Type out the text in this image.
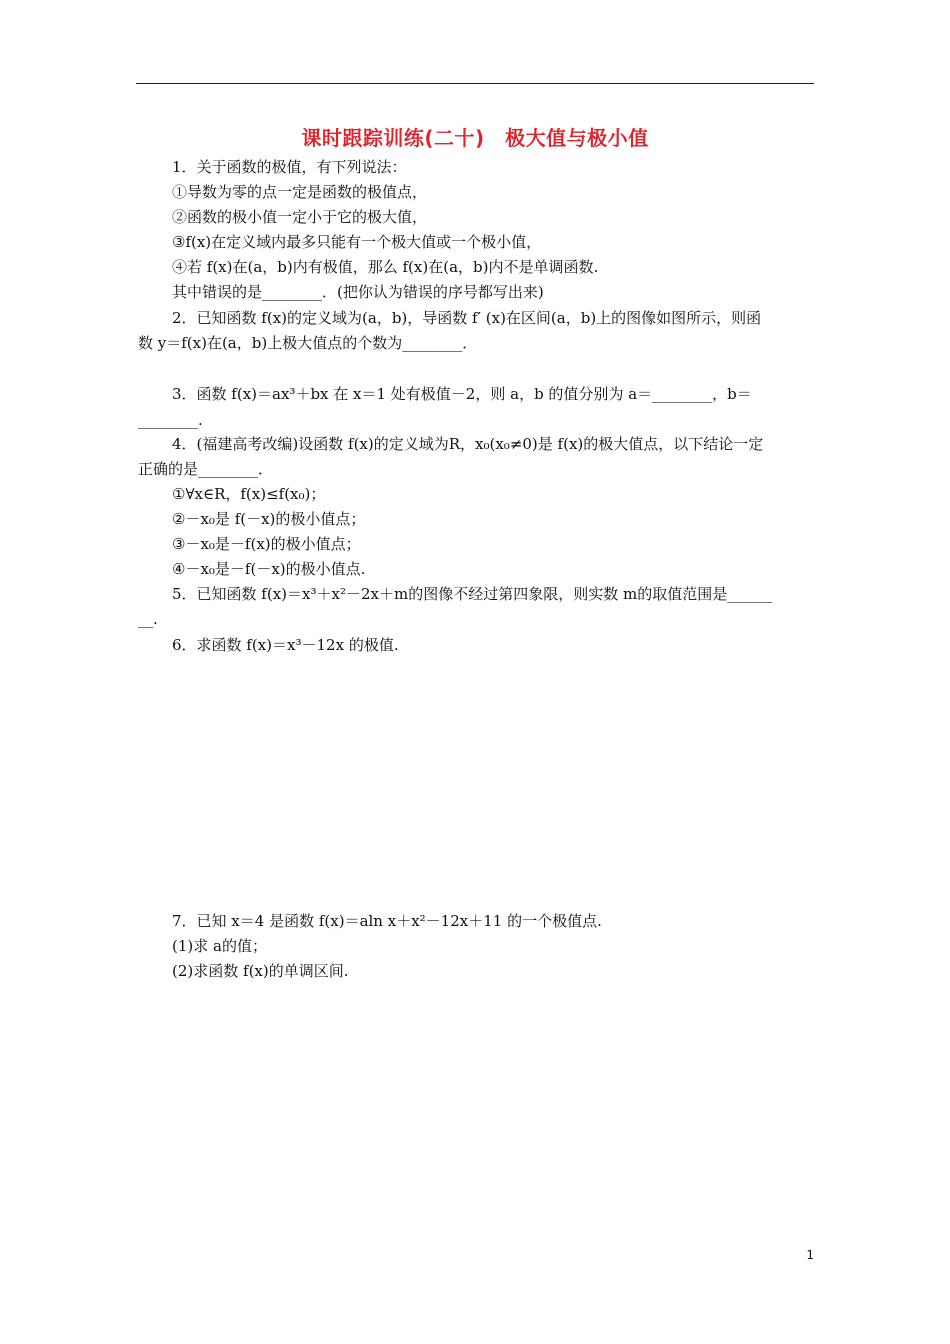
课时跟踪训练(二十)　极大值与极小值
1．关于函数的极值，有下列说法：
①导数为零的点一定是函数的极值点，
②函数的极小值一定小于它的极大值，
③f(x)在定义域内最多只能有一个极大值或一个极小值，
④若 f(x)在(a，b)内有极值，那么 f(x)在(a，b)内不是单调函数.
其中错误的是________．(把你认为错误的序号都写出来)
2．已知函数 f(x)的定义域为(a，b)，导函数 f′ (x)在区间(a，b)上的图像如图所示，则函
数 y＝f(x)在(a，b)上极大值点的个数为________．
3．函数 f(x)＝ax³＋bx 在 x＝1 处有极值－2，则 a，b 的值分别为 a＝________，b＝
________.
4．(福建高考改编)设函数 f(x)的定义域为R，x₀(x₀≠0)是 f(x)的极大值点，以下结论一定
正确的是________．
①∀x∈R，f(x)≤f(x₀)；
②－x₀是 f(－x)的极小值点；
③－x₀是－f(x)的极小值点；
④－x₀是－f(－x)的极小值点.
5．已知函数 f(x)＝x³＋x²－2x＋m的图像不经过第四象限，则实数 m的取值范围是______
__.
6．求函数 f(x)＝x³－12x 的极值.
7．已知 x＝4 是函数 f(x)＝aln x＋x²－12x＋11 的一个极值点.
(1)求 a的值；
(2)求函数 f(x)的单调区间.
1
